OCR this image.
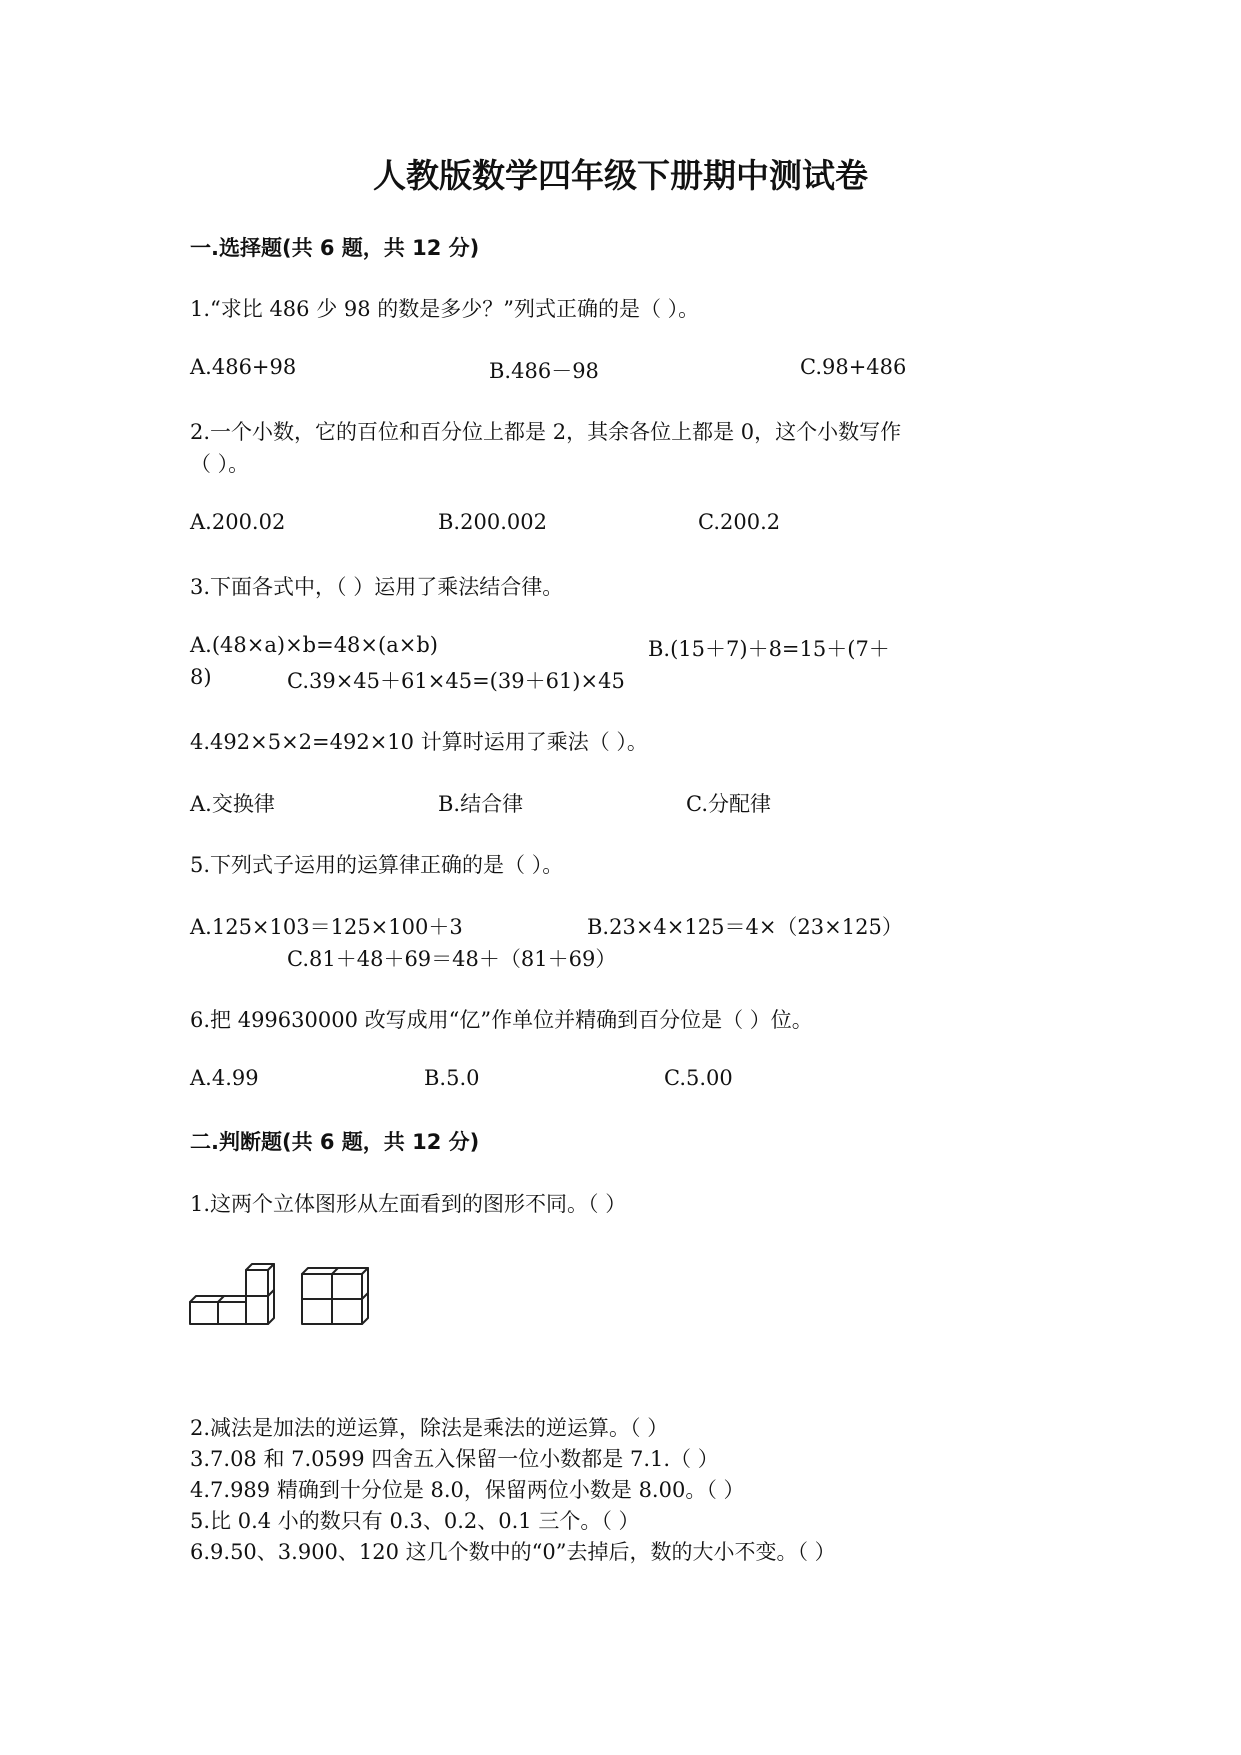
人教版数学四年级下册期中测试卷
一.选择题(共 6 题，共 12 分)
1.“求比 486 少 98 的数是多少？”列式正确的是（ ）。
A.486+98	B.486－98	C.98+486
2.一个小数，它的百位和百分位上都是 2，其余各位上都是 0，这个小数写作
（ ）。
A.200.02	B.200.002	C.200.2
3.下面各式中，（ ）运用了乘法结合律。
A.(48×a)×b=48×(a×b)	B.(15＋7)＋8=15＋(7＋
8)	C.39×45＋61×45=(39＋61)×45
4.492×5×2=492×10 计算时运用了乘法（ ）。
A.交换律	B.结合律	C.分配律
5.下列式子运用的运算律正确的是（ ）。
A.125×103＝125×100＋3	B.23×4×125＝4×（23×125）
C.81＋48＋69＝48＋（81＋69）
6.把 499630000 改写成用“亿”作单位并精确到百分位是（ ）位。
A.4.99	B.5.0	C.5.00
二.判断题(共 6 题，共 12 分)
1.这两个立体图形从左面看到的图形不同。（ ）
2.减法是加法的逆运算，除法是乘法的逆运算。（ ）
3.7.08 和 7.0599 四舍五入保留一位小数都是 7.1.（ ）
4.7.989 精确到十分位是 8.0，保留两位小数是 8.00。（ ）
5.比 0.4 小的数只有 0.3、0.2、0.1 三个。（ ）
6.9.50、3.900、120 这几个数中的“0”去掉后，数的大小不变。（ ）
